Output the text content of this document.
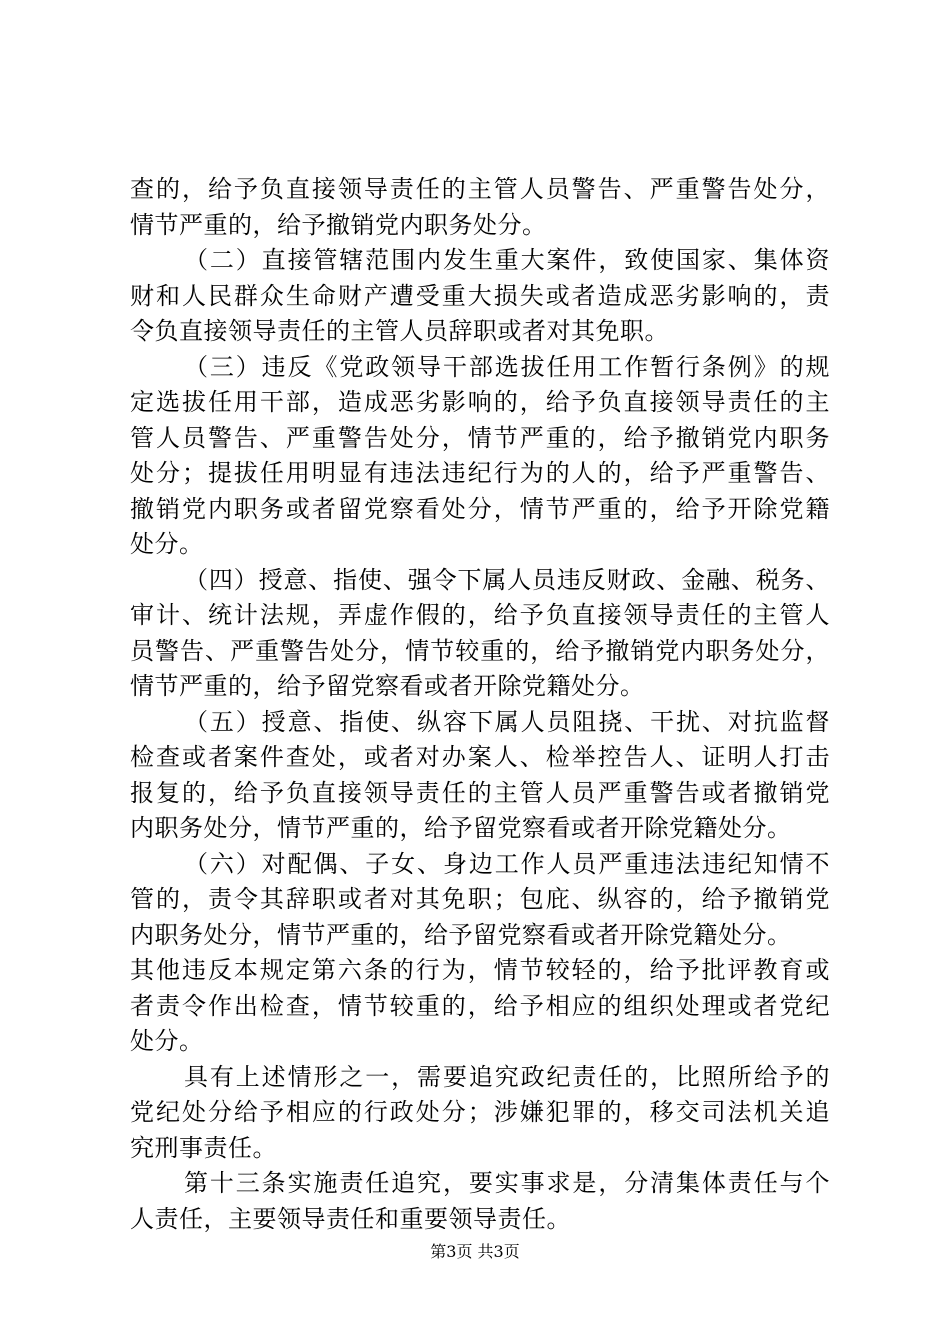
查的，给予负直接领导责任的主管人员警告、严重警告处分，
情节严重的，给予撤销党内职务处分。
（二）直接管辖范围内发生重大案件，致使国家、集体资
财和人民群众生命财产遭受重大损失或者造成恶劣影响的，责
令负直接领导责任的主管人员辞职或者对其免职。
（三）违反《党政领导干部选拔任用工作暂行条例》的规
定选拔任用干部，造成恶劣影响的，给予负直接领导责任的主
管人员警告、严重警告处分，情节严重的，给予撤销党内职务
处分；提拔任用明显有违法违纪行为的人的，给予严重警告、
撤销党内职务或者留党察看处分，情节严重的，给予开除党籍
处分。
（四）授意、指使、强令下属人员违反财政、金融、税务、
审计、统计法规，弄虚作假的，给予负直接领导责任的主管人
员警告、严重警告处分，情节较重的，给予撤销党内职务处分，
情节严重的，给予留党察看或者开除党籍处分。
（五）授意、指使、纵容下属人员阻挠、干扰、对抗监督
检查或者案件查处，或者对办案人、检举控告人、证明人打击
报复的，给予负直接领导责任的主管人员严重警告或者撤销党
内职务处分，情节严重的，给予留党察看或者开除党籍处分。
（六）对配偶、子女、身边工作人员严重违法违纪知情不
管的，责令其辞职或者对其免职；包庇、纵容的，给予撤销党
内职务处分，情节严重的，给予留党察看或者开除党籍处分。
其他违反本规定第六条的行为，情节较轻的，给予批评教育或
者责令作出检查，情节较重的，给予相应的组织处理或者党纪
处分。
具有上述情形之一，需要追究政纪责任的，比照所给予的
党纪处分给予相应的行政处分；涉嫌犯罪的，移交司法机关追
究刑事责任。
第十三条实施责任追究，要实事求是，分清集体责任与个
人责任，主要领导责任和重要领导责任。
第3页 共3页
